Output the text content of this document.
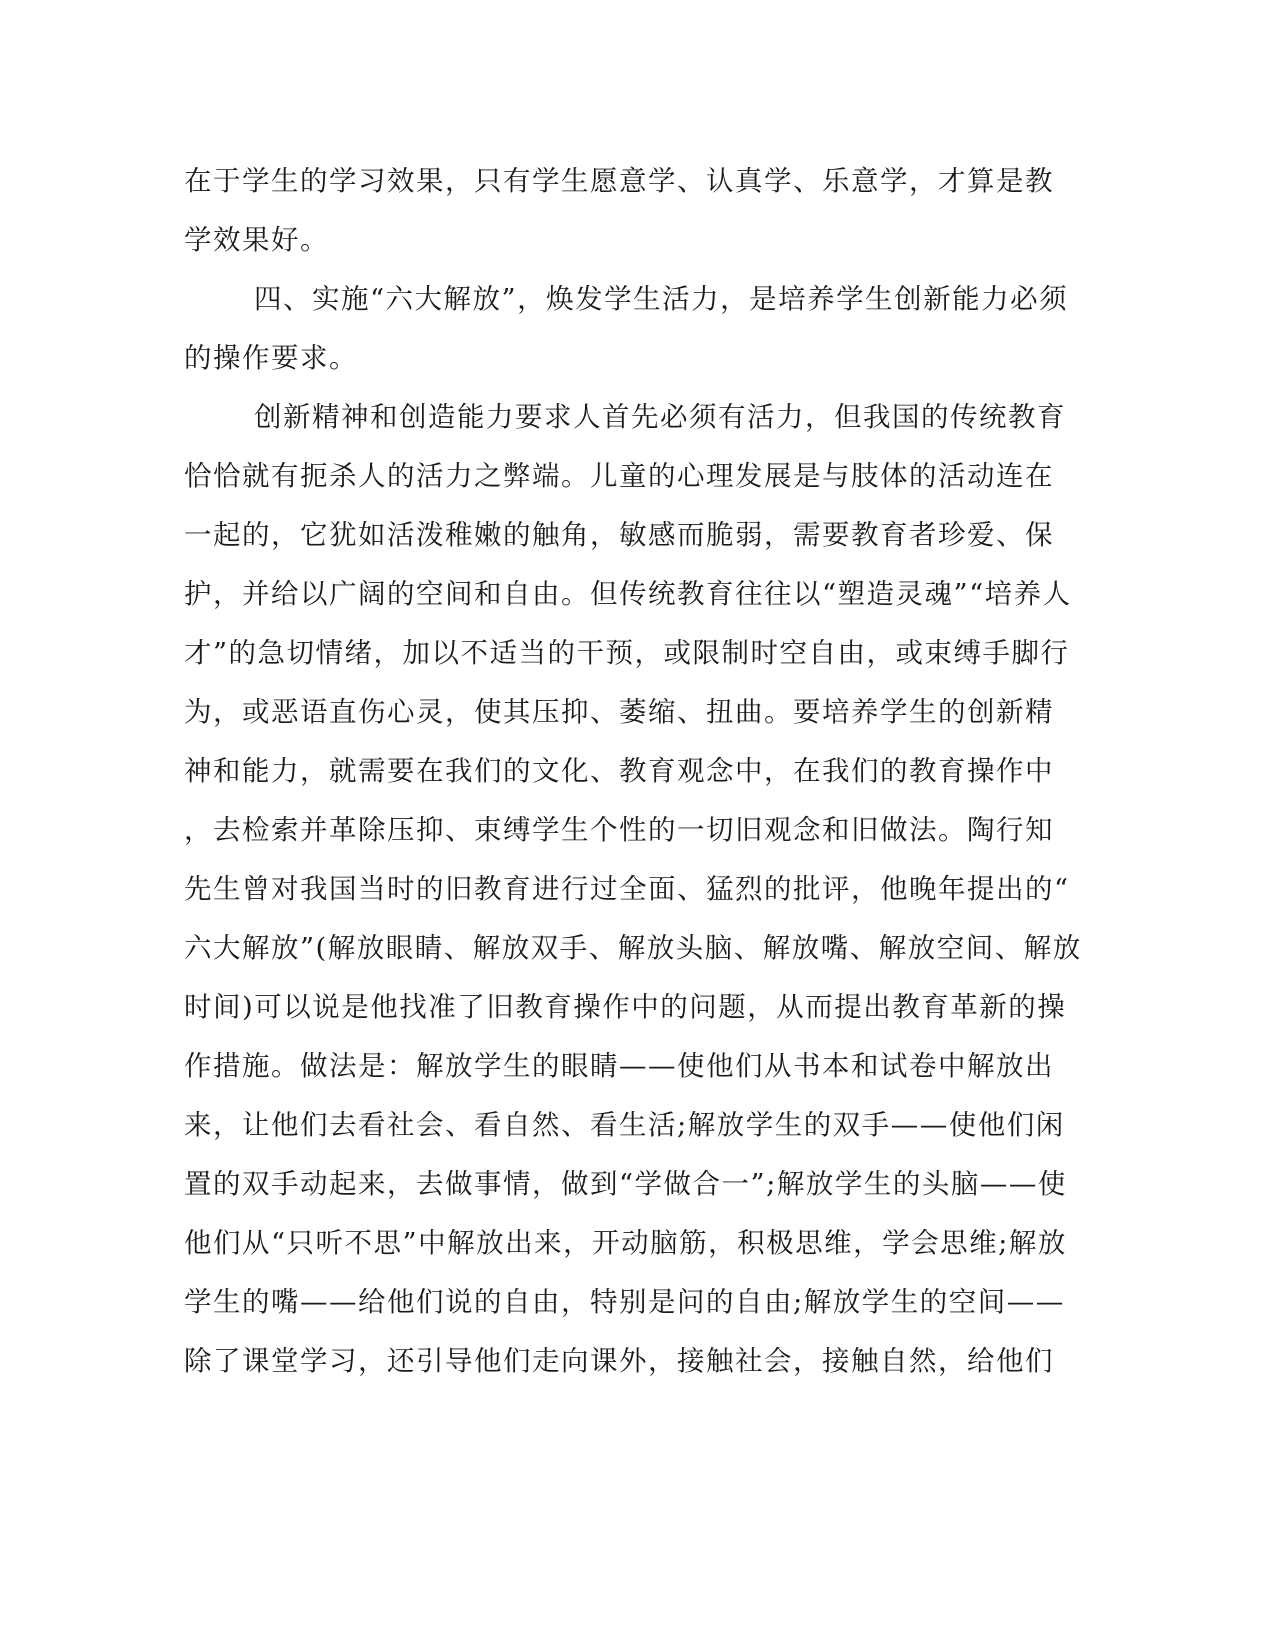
在于学生的学习效果，只有学生愿意学、认真学、乐意学，才算是教
学效果好。
四、实施“六大解放”，焕发学生活力，是培养学生创新能力必须
的操作要求。
创新精神和创造能力要求人首先必须有活力，但我国的传统教育
恰恰就有扼杀人的活力之弊端。儿童的心理发展是与肢体的活动连在
一起的，它犹如活泼稚嫩的触角，敏感而脆弱，需要教育者珍爱、保
护，并给以广阔的空间和自由。但传统教育往往以“塑造灵魂”“培养人
才”的急切情绪，加以不适当的干预，或限制时空自由，或束缚手脚行
为，或恶语直伤心灵，使其压抑、萎缩、扭曲。要培养学生的创新精
神和能力，就需要在我们的文化、教育观念中，在我们的教育操作中
，去检索并革除压抑、束缚学生个性的一切旧观念和旧做法。陶行知
先生曾对我国当时的旧教育进行过全面、猛烈的批评，他晚年提出的“
六大解放”(解放眼睛、解放双手、解放头脑、解放嘴、解放空间、解放
时间)可以说是他找准了旧教育操作中的问题，从而提出教育革新的操
作措施。做法是：解放学生的眼睛——使他们从书本和试卷中解放出
来，让他们去看社会、看自然、看生活;解放学生的双手——使他们闲
置的双手动起来，去做事情，做到“学做合一”;解放学生的头脑——使
他们从“只听不思”中解放出来，开动脑筋，积极思维，学会思维;解放
学生的嘴——给他们说的自由，特别是问的自由;解放学生的空间——
除了课堂学习，还引导他们走向课外，接触社会，接触自然，给他们
